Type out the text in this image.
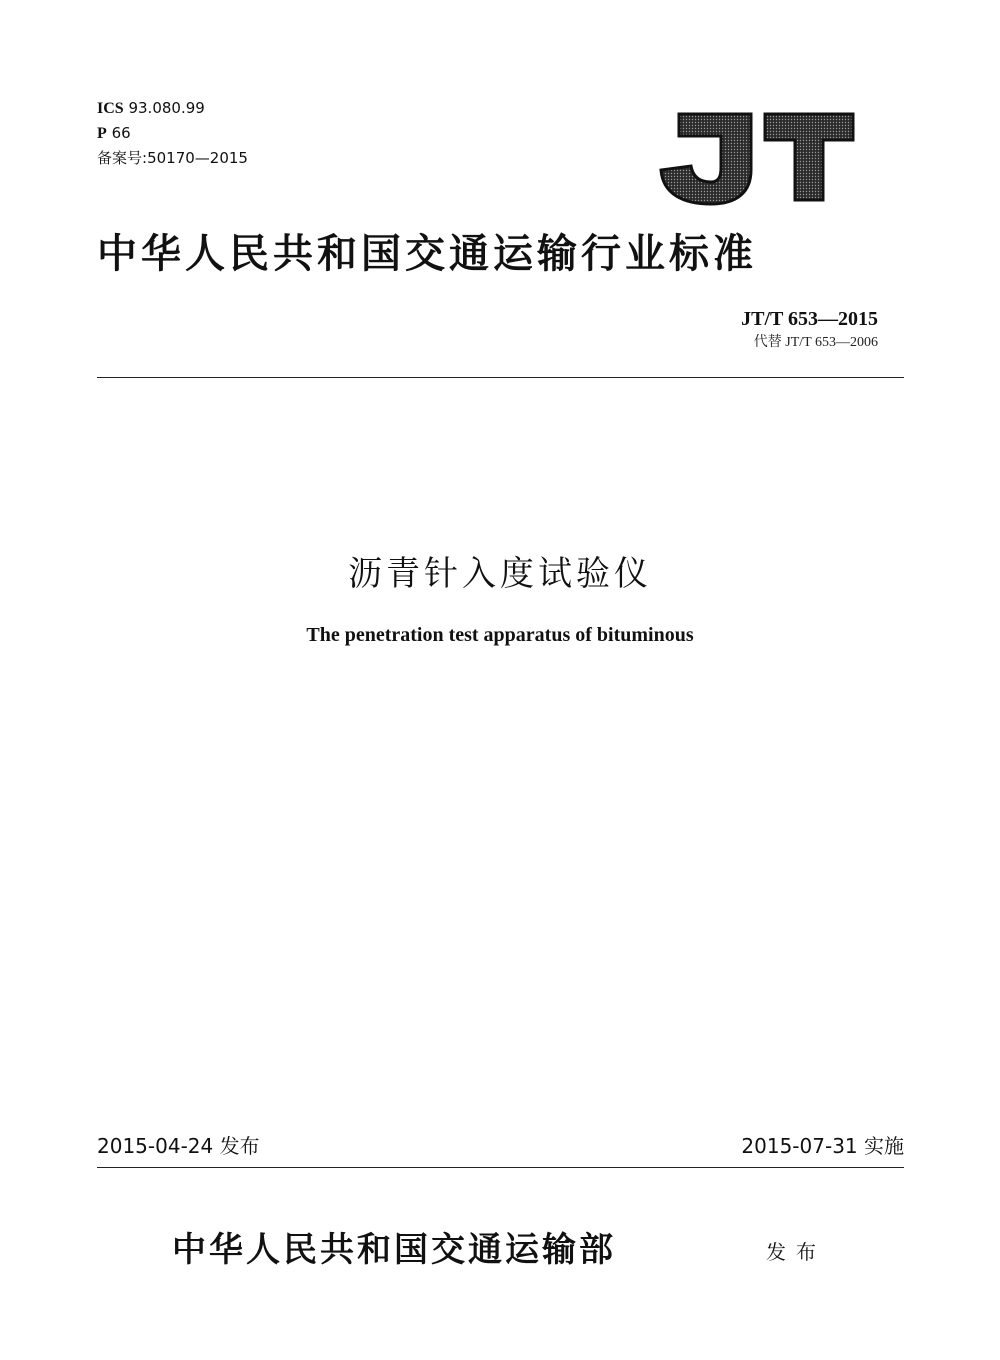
ICS 93.080.99
P 66
备案号:50170—2015
JT
中华人民共和国交通运输行业标准
JT/T 653—2015
代替 JT/T 653—2006
沥青针入度试验仪
The penetration test apparatus of bituminous
2015-04-24 发布	2015-07-31 实施
中华人民共和国交通运输部	发布
